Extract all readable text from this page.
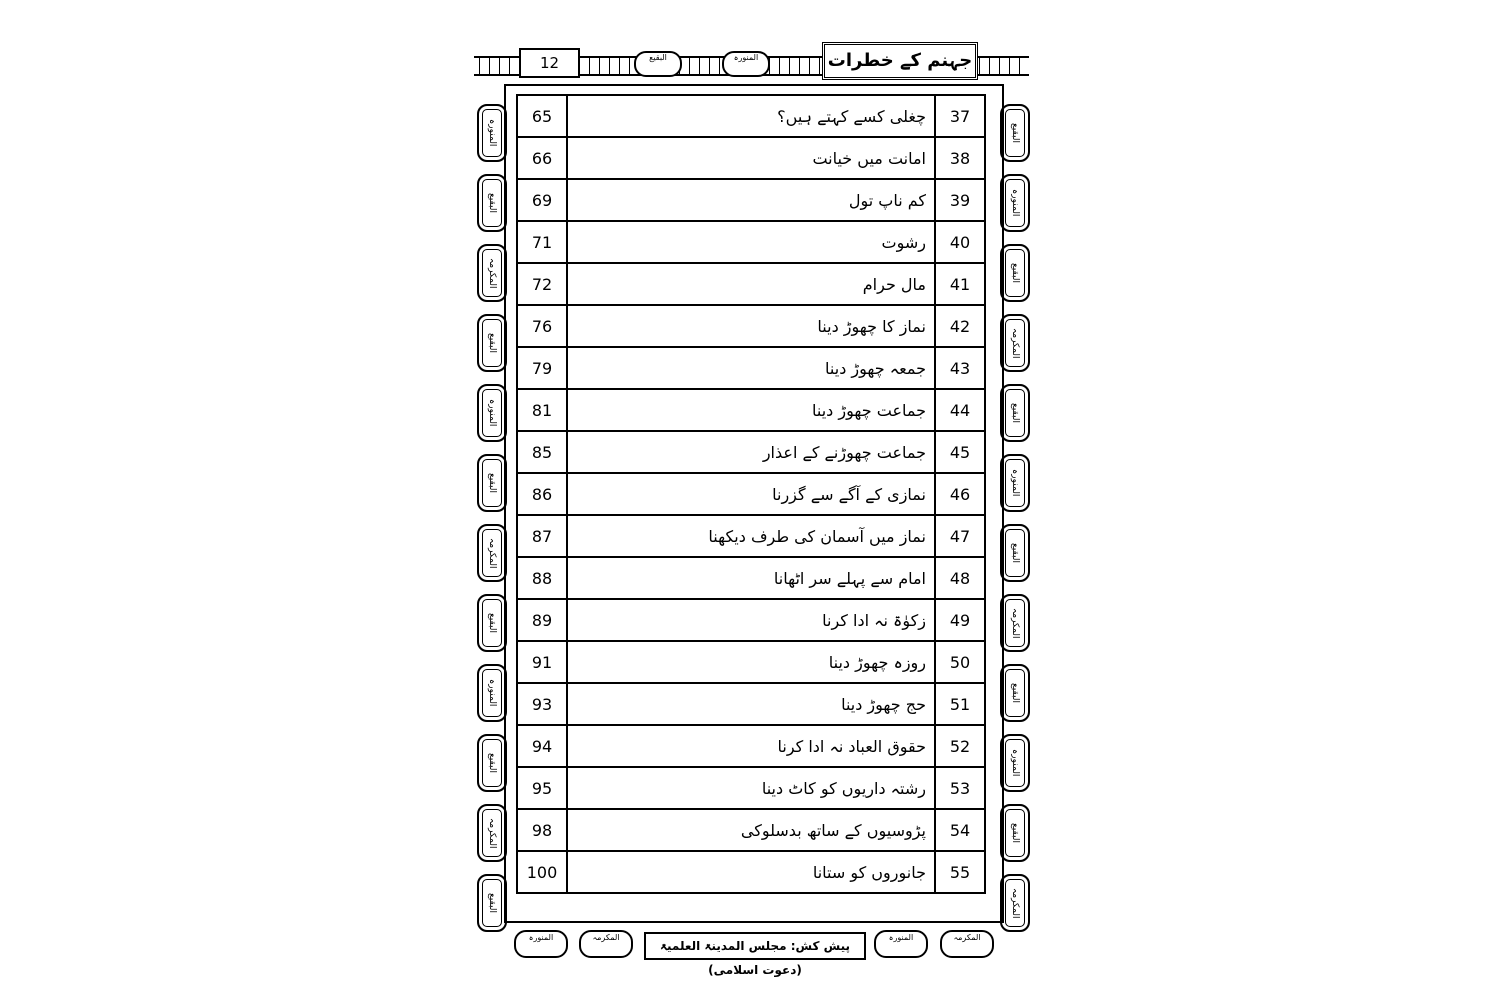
12	البقیع	المنورہ	جہنم کے خطرات
المنورہ
البقیع
المکرمہ
البقیع
المنورہ
البقیع
المکرمہ
البقیع
المنورہ
البقیع
المکرمہ
البقیع
البقیع
المنورہ
البقیع
المکرمہ
البقیع
المنورہ
البقیع
المکرمہ
البقیع
المنورہ
البقیع
المکرمہ
65	چغلی کسے کہتے ہیں؟	37
66	امانت میں خیانت	38
69	کم ناپ تول	39
71	رشوت	40
72	مال حرام	41
76	نماز کا چھوڑ دینا	42
79	جمعہ چھوڑ دینا	43
81	جماعت چھوڑ دینا	44
85	جماعت چھوڑنے کے اعذار	45
86	نمازی کے آگے سے گزرنا	46
87	نماز میں آسمان کی طرف دیکھنا	47
88	امام سے پہلے سر اٹھانا	48
89	زکوٰۃ نہ ادا کرنا	49
91	روزہ چھوڑ دینا	50
93	حج چھوڑ دینا	51
94	حقوق العباد نہ ادا کرنا	52
95	رشتہ داریوں کو کاٹ دینا	53
98	پڑوسیوں کے ساتھ بدسلوکی	54
100	جانوروں کو ستانا	55
المنورہ	المکرمہ
پیش کش: مجلس المدینۃ العلمیۃ (دعوت اسلامی)
المنورہ	المکرمہ
